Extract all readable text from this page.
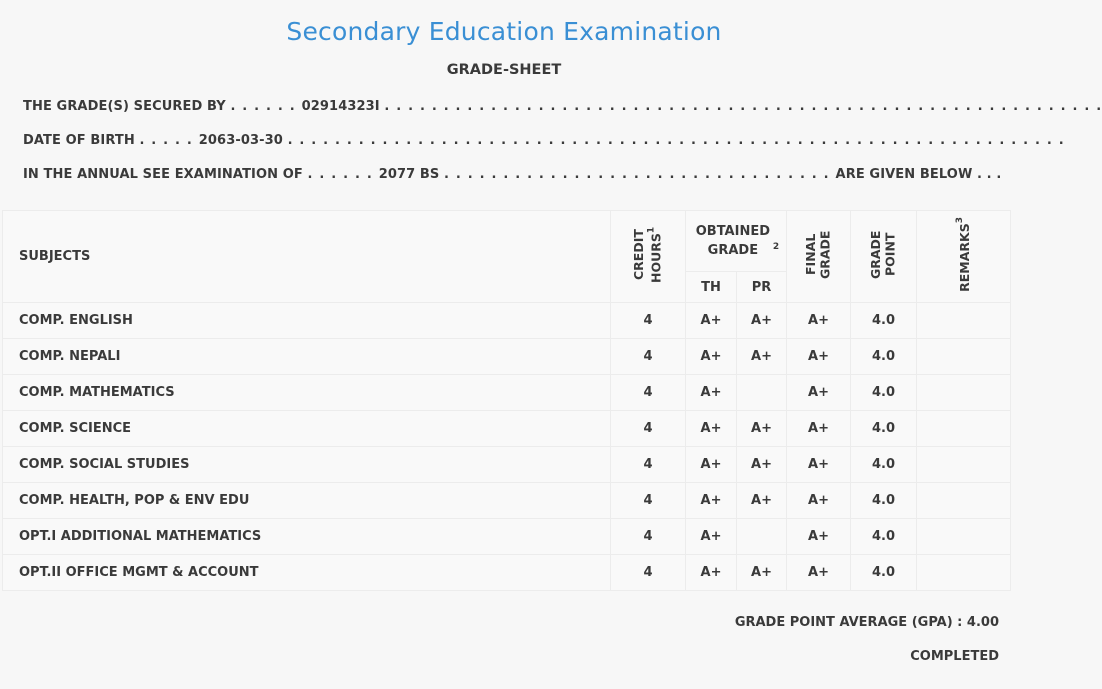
Secondary Education Examination
GRADE-SHEET
THE GRADE(S) SECURED BY . . . . . . 02914323I . . . . . . . . . . . . . . . . . . . . . . . . . . . . . . . . . . . . . . . . . . . . . . . . . . . . . . . . . . . . .
DATE OF BIRTH . . . . . 2063-03-30 . . . . . . . . . . . . . . . . . . . . . . . . . . . . . . . . . . . . . . . . . . . . . . . . . . . . . . . . . . . . . . . . . .
IN THE ANNUAL SEE EXAMINATION OF . . . . . . 2077 BS . . . . . . . . . . . . . . . . . . . . . . . . . . . . . . . . . ARE GIVEN BELOW . . .
SUBJECTS	CREDIT HOURS$^1$	OBTAINED GRADE $^2$		FINAL GRADE	GRADE POINT	REMARKS$^3$
		TH	PR			
COMP. ENGLISH	4	A+	A+	A+	4.0	
COMP. NEPALI	4	A+	A+	A+	4.0	
COMP. MATHEMATICS	4	A+		A+	4.0	
COMP. SCIENCE	4	A+	A+	A+	4.0	
COMP. SOCIAL STUDIES	4	A+	A+	A+	4.0	
COMP. HEALTH, POP & ENV EDU	4	A+	A+	A+	4.0	
OPT.I ADDITIONAL MATHEMATICS	4	A+		A+	4.0	
OPT.II OFFICE MGMT & ACCOUNT	4	A+	A+	A+	4.0	
GRADE POINT AVERAGE (GPA) : 4.00
COMPLETED
